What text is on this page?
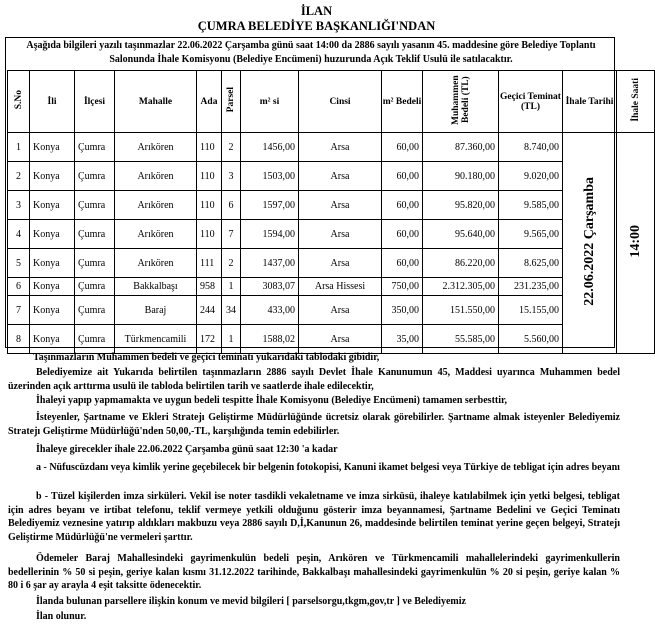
İLAN
ÇUMRA BELEDİYE BAŞKANLIĞI'NDAN
Aşağıda bilgileri yazılı taşınmazlar 22.06.2022 Çarşamba günü saat 14:00 da 2886 sayılı yasanın 45. maddesine göre Belediye Toplantı Salonunda İhale Komisyonu (Belediye Encümeni) huzurunda Açık Teklif Usulü ile satılacaktır.
S.No	İli	İlçesi	Mahalle	Ada	Parsel	m² si	Cinsi	m² Bedeli	Muhammen Bedeli (TL)	Geçici Teminat (TL)	İhale Tarihi	İhale Saati
1	Konya	Çumra	Arıkören	110	2	1456,00	Arsa	60,00	87.360,00	8.740,00	22.06.2022 Çarşamba	14:00
2	Konya	Çumra	Arıkören	110	3	1503,00	Arsa	60,00	90.180,00	9.020,00		
3	Konya	Çumra	Arıkören	110	6	1597,00	Arsa	60,00	95.820,00	9.585,00		
4	Konya	Çumra	Arıkören	110	7	1594,00	Arsa	60,00	95.640,00	9.565,00		
5	Konya	Çumra	Arıkören	111	2	1437,00	Arsa	60,00	86.220,00	8.625,00		
6	Konya	Çumra	Bakkalbaşı	958	1	3083,07	Arsa Hissesi	750,00	2.312.305,00	231.235,00		
7	Konya	Çumra	Baraj	244	34	433,00	Arsa	350,00	151.550,00	15.155,00		
8	Konya	Çumra	Türkmencamili	172	1	1588,02	Arsa	35,00	55.585,00	5.560,00		
Taşınmazların Muhammen bedeli ve geçici teminatı yukarıdaki tablodaki gibidir,
Belediyemize ait Yukarıda belirtilen taşınmazların 2886 sayılı Devlet İhale Kanunumun 45, Maddesi uyarınca Muhammen bedel üzerinden açık arttırma usulü ile tabloda belirtilen tarih ve saatlerde ihale edilecektir,
İhaleyi yapıp yapmamakta ve uygun bedeli tespitte İhale Komisyonu (Belediye Encümeni) tamamen serbesttir,
İsteyenler, Şartname ve Ekleri Stratejı Geliştirme Müdürlüğünde ücretsiz olarak görebilirler. Şartname almak isteyenler Belediyemiz Stratejı Geliştirme Müdürlüğü'nden 50,00,-TL, karşılığında temin edebilirler.
İhaleye girecekler ihale 22.06.2022 Çarşamba günü saat 12:30 'a kadar
a - Nüfuscüzdanı veya kimlik yerine geçebilecek bir belgenin fotokopisi, Kanuni ikamet belgesi veya Türkiye de tebligat için adres beyanı
b - Tüzel kişilerden imza sirküleri. Vekil ise noter tasdikli vekaletname ve imza sirküsü, ihaleye katılabilmek için yetki belgesi, tebligat için adres beyanı ve irtibat telefonu, teklif vermeye yetkili olduğunu gösterir imza beyannamesi, Şartname Bedelini ve Geçici Teminatı Belediyemiz veznesine yatırıp aldıkları makbuzu veya 2886 sayılı D,İ,Kanunun 26, maddesinde belirtilen teminat yerine geçen belgeyi, Stratejı Geliştirme Müdürlüğü'ne vermeleri şarttır.
Ödemeler Baraj Mahallesindeki gayrimenkulün bedeli peşin, Arıkören ve Türkmencamili mahallelerindeki gayrimenkullerin bedellerinin % 50 si peşin, geriye kalan kısmı 31.12.2022 tarihinde, Bakkalbaşı mahallesindeki gayrimenkulün % 20 si peşin, geriye kalan % 80 i 6 şar ay arayla 4 eşit taksitte ödenecektir.
İlanda bulunan parsellere ilişkin konum ve mevid bilgileri [ parselsorgu,tkgm,gov,tr ] ve Belediyemiz
İlan olunur.
